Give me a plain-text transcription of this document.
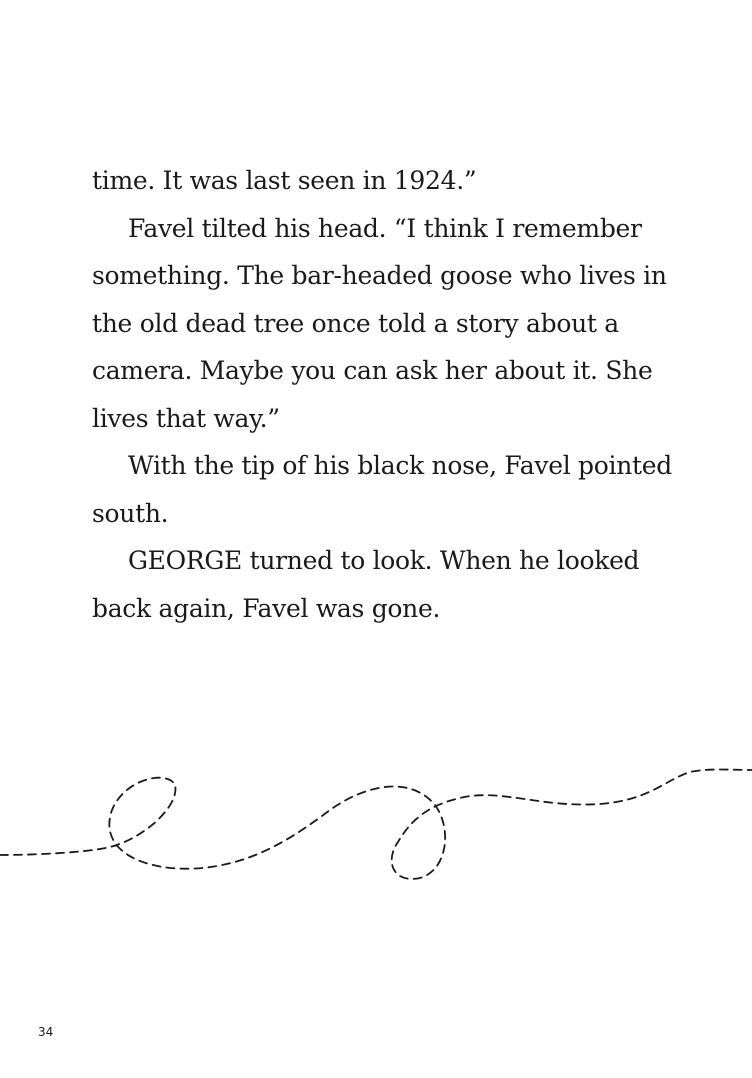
time. It was last seen in 1924.”

Favel tilted his head. “I think I remember something. The bar-headed goose who lives in the old dead tree once told a story about a camera. Maybe you can ask her about it. She lives that way.”

With the tip of his black nose, Favel pointed south.

GEORGE turned to look. When he looked back again, Favel was gone.

34
